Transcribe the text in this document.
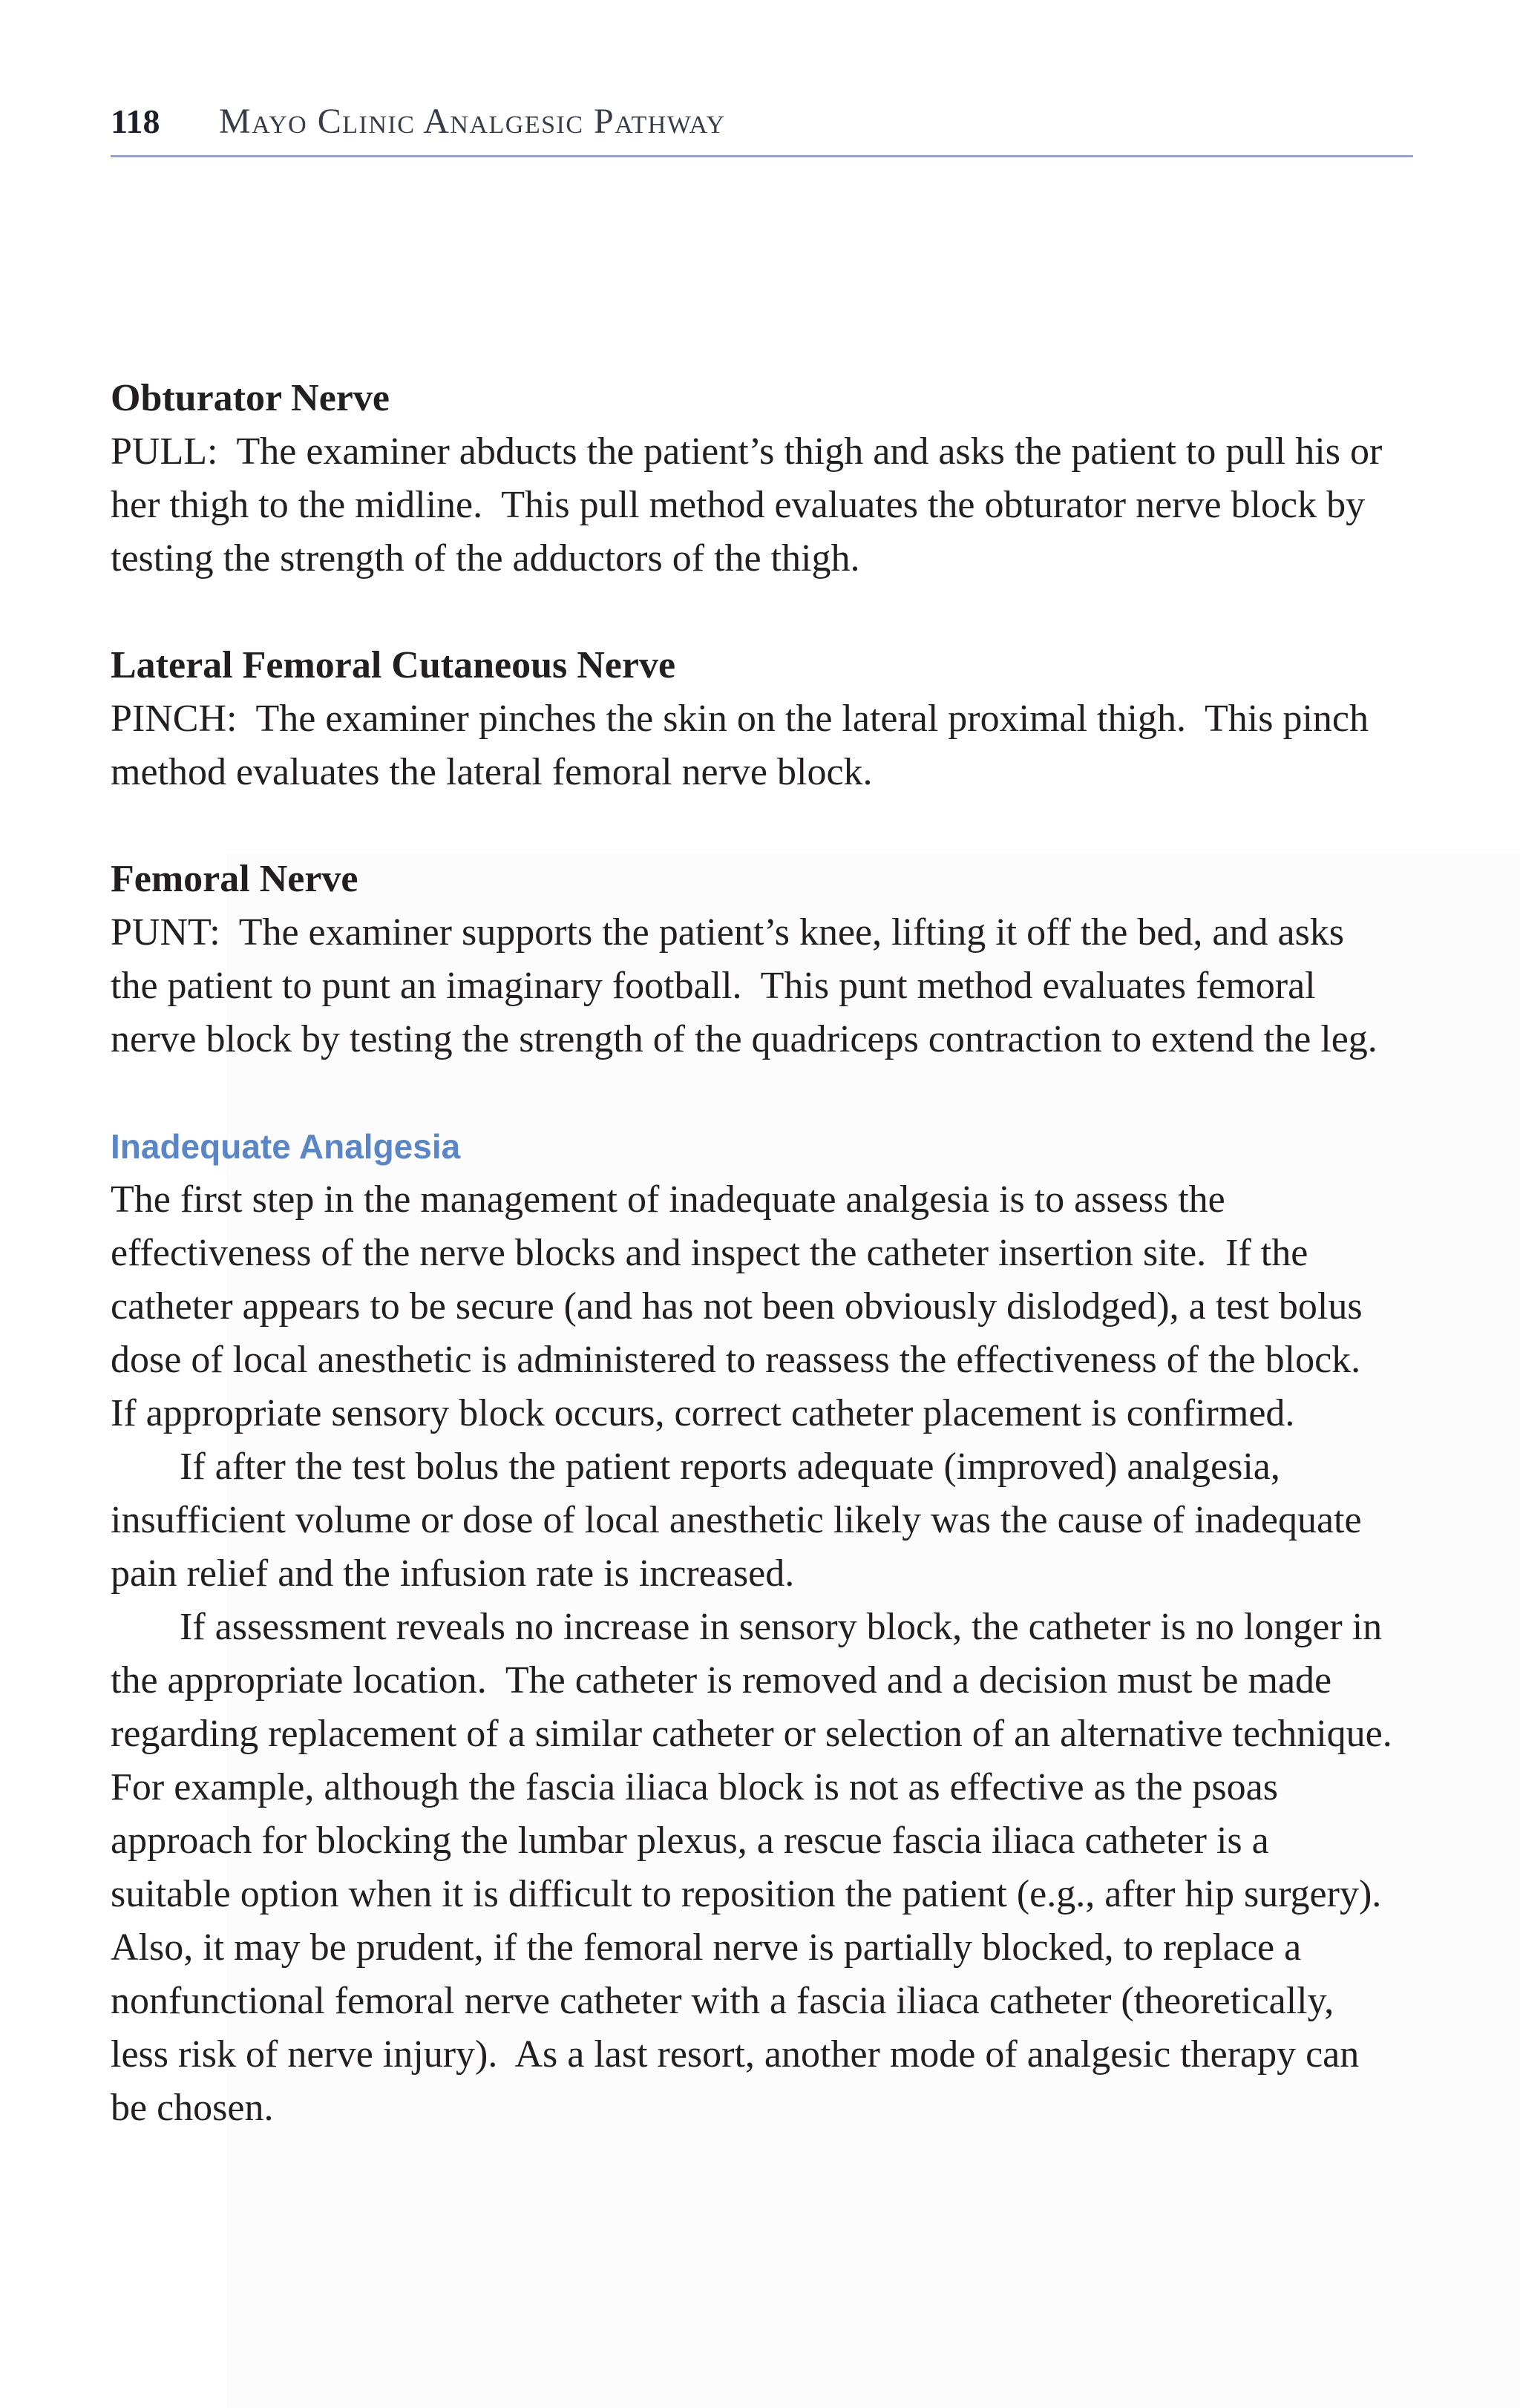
118 Mayo Clinic Analgesic Pathway
Obturator Nerve
PULL:  The examiner abducts the patient’s thigh and asks the patient to pull his or
her thigh to the midline.  This pull method evaluates the obturator nerve block by
testing the strength of the adductors of the thigh.
Lateral Femoral Cutaneous Nerve
PINCH:  The examiner pinches the skin on the lateral proximal thigh.  This pinch
method evaluates the lateral femoral nerve block.
Femoral Nerve
PUNT:  The examiner supports the patient’s knee, lifting it off the bed, and asks
the patient to punt an imaginary football.  This punt method evaluates femoral
nerve block by testing the strength of the quadriceps contraction to extend the leg.
Inadequate Analgesia
The first step in the management of inadequate analgesia is to assess the
effectiveness of the nerve blocks and inspect the catheter insertion site.  If the
catheter appears to be secure (and has not been obviously dislodged), a test bolus
dose of local anesthetic is administered to reassess the effectiveness of the block.
If appropriate sensory block occurs, correct catheter placement is confirmed.
If after the test bolus the patient reports adequate (improved) analgesia,
insufficient volume or dose of local anesthetic likely was the cause of inadequate
pain relief and the infusion rate is increased.
If assessment reveals no increase in sensory block, the catheter is no longer in
the appropriate location.  The catheter is removed and a decision must be made
regarding replacement of a similar catheter or selection of an alternative technique.
For example, although the fascia iliaca block is not as effective as the psoas
approach for blocking the lumbar plexus, a rescue fascia iliaca catheter is a
suitable option when it is difficult to reposition the patient (e.g., after hip surgery).
Also, it may be prudent, if the femoral nerve is partially blocked, to replace a
nonfunctional femoral nerve catheter with a fascia iliaca catheter (theoretically,
less risk of nerve injury).  As a last resort, another mode of analgesic therapy can
be chosen.
